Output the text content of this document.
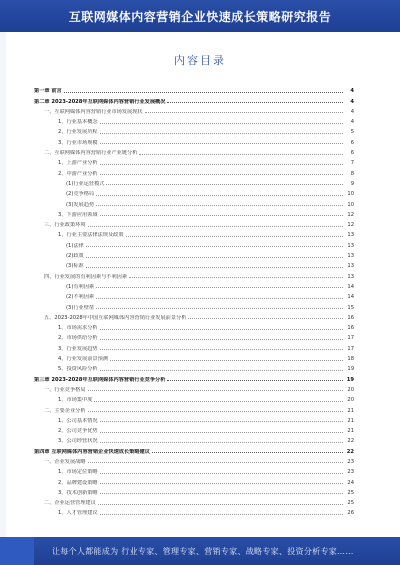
互联网媒体内容营销企业快速成长策略研究报告
内容目录
第一章 前言	4
第二章 2023-2028年互联网媒体内容营销行业发展概况	4
一、互联网媒体内容营销行业市场发展现状	4
1、行业基本概念	4
2、行业发展历程	5
3、行业市场规模	6
二、互联网媒体内容营销行业产业链分析	6
1、上游产业分析	7
2、中游产业分析	8
(1)行业运营模式	9
(2)竞争格局	10
(3)发展趋势	10
3、下游应用领域	12
三、行业政策环境	12
1、行业主要法律法规及政策	13
(1)法律	13
(2)政策	13
(3)标准	13
四、行业发展的有利因素与不利因素	13
(1)有利因素	14
(2)不利因素	14
(3)行业壁垒	15
五、2023-2028年中国互联网媒体内容营销行业发展前景分析	16
1、市场需求分析	16
2、市场供给分析	17
3、行业发展趋势	17
4、行业发展前景预测	18
5、投资风险分析	19
第三章 2023-2028年互联网媒体内容营销行业竞争分析	19
一、行业竞争格局	20
1、市场集中度	20
二、主要企业分析	21
1、公司基本情况	21
2、公司竞争优势	21
3、公司经营状况	22
第四章 互联网媒体内容营销企业快速成长策略建议	22
一、企业发展战略	23
1、市场定位策略	23
2、品牌建设策略	24
3、技术创新策略	25
二、企业运营管理建议	25
1、人才管理建议	26
让每个人都能成为 行业专家、管理专家、营销专家、战略专家、投资分析专家……
